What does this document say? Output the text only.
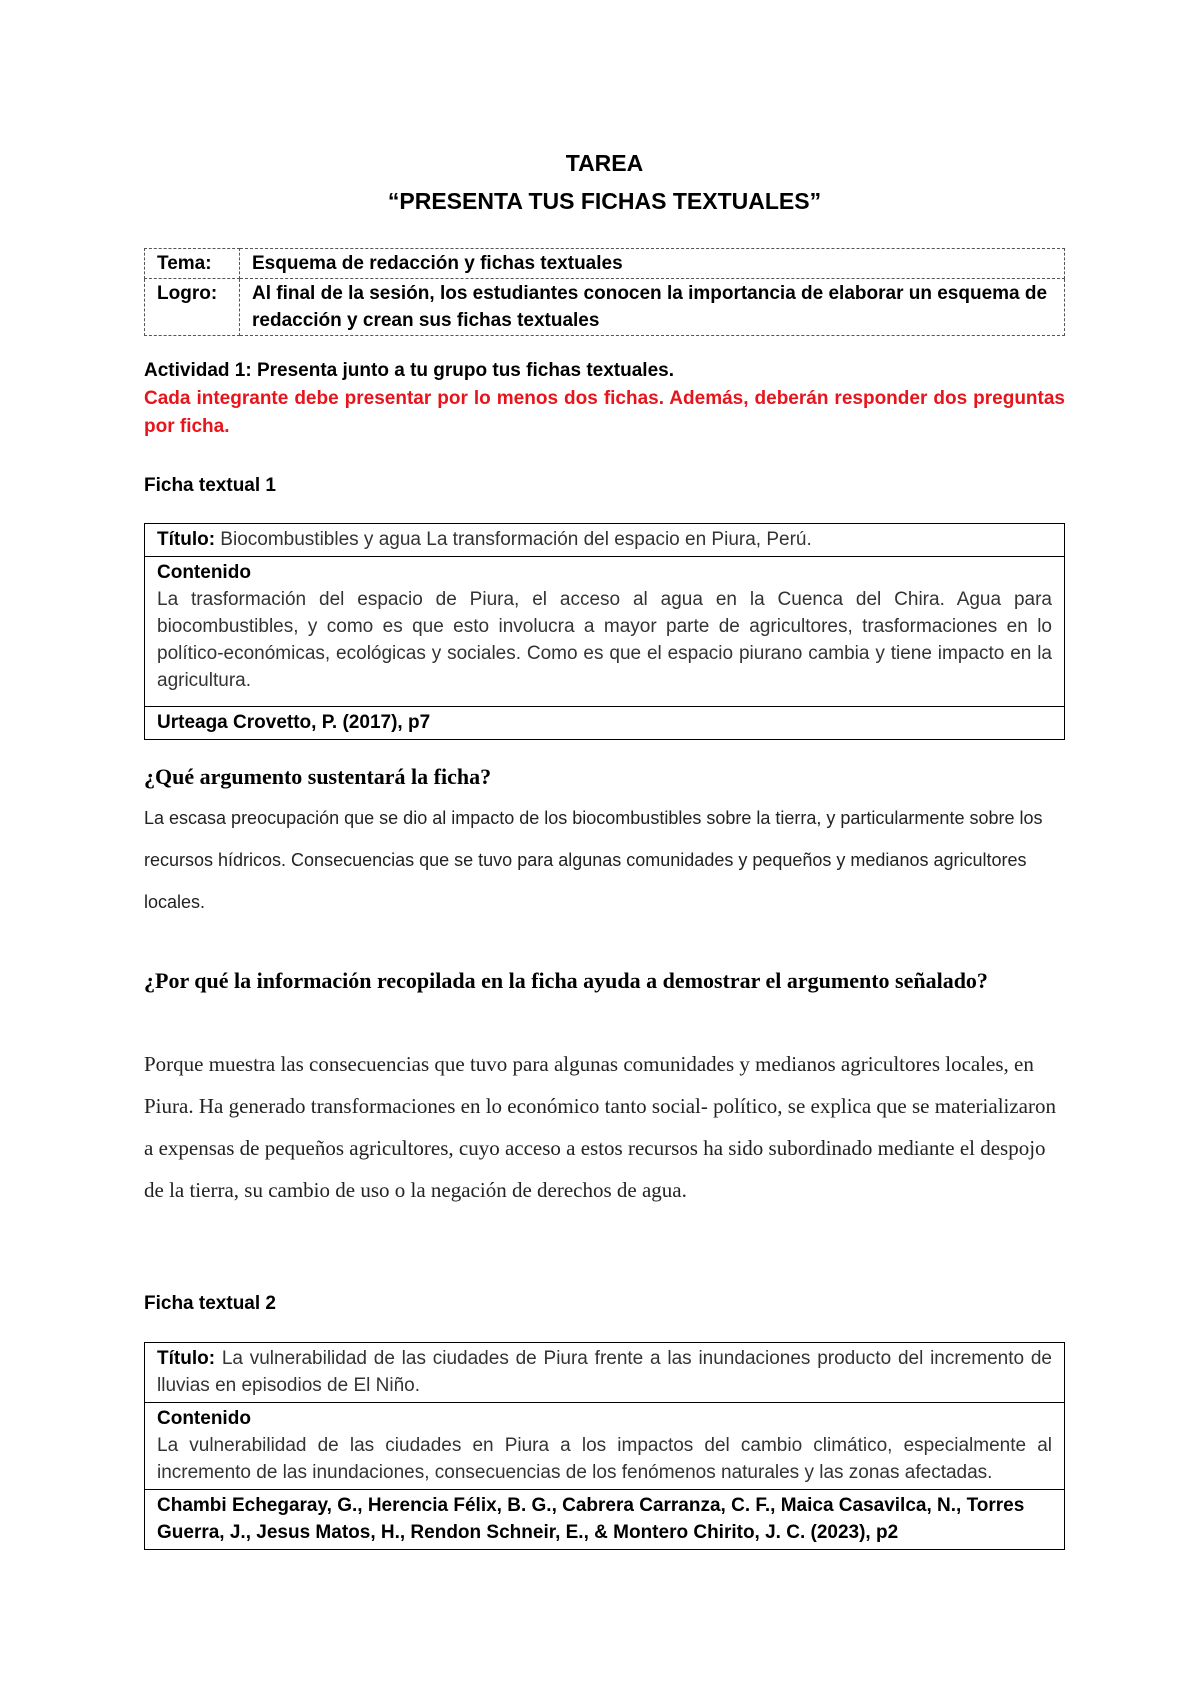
TAREA
“PRESENTA TUS FICHAS TEXTUALES”
Tema:	Esquema de redacción y fichas textuales
Logro:	Al final de la sesión, los estudiantes conocen la importancia de elaborar un esquema de redacción y crean sus fichas textuales
Actividad 1: Presenta junto a tu grupo tus fichas textuales.
Cada integrante debe presentar por lo menos dos fichas. Además, deberán responder dos preguntas por ficha.
Ficha textual 1
Título: Biocombustibles y agua La transformación del espacio en Piura, Perú.

Contenido
La trasformación del espacio de Piura, el acceso al agua en la Cuenca del Chira. Agua para biocombustibles, y como es que esto involucra a mayor parte de agricultores, trasformaciones en lo político-económicas, ecológicas y sociales. Como es que el espacio piurano cambia y tiene impacto en la agricultura.

Urteaga Crovetto, P. (2017), p7
¿Qué argumento sustentará la ficha?
La escasa preocupación que se dio al impacto de los biocombustibles sobre la tierra, y particularmente sobre los recursos hídricos. Consecuencias que se tuvo para algunas comunidades y pequeños y medianos agricultores locales.
¿Por qué la información recopilada en la ficha ayuda a demostrar el argumento señalado?
Porque muestra las consecuencias que tuvo para algunas comunidades y medianos agricultores locales, en Piura. Ha generado transformaciones en lo económico tanto social- político, se explica que se materializaron a expensas de pequeños agricultores, cuyo acceso a estos recursos ha sido subordinado mediante el despojo de la tierra, su cambio de uso o la negación de derechos de agua.
Ficha textual 2
Título: La vulnerabilidad de las ciudades de Piura frente a las inundaciones producto del incremento de lluvias en episodios de El Niño.

Contenido
La vulnerabilidad de las ciudades en Piura a los impactos del cambio climático, especialmente al incremento de las inundaciones, consecuencias de los fenómenos naturales y las zonas afectadas.

Chambi Echegaray, G., Herencia Félix, B. G., Cabrera Carranza, C. F., Maica Casavilca, N., Torres Guerra, J., Jesus Matos, H., Rendon Schneir, E., & Montero Chirito, J. C. (2023), p2
